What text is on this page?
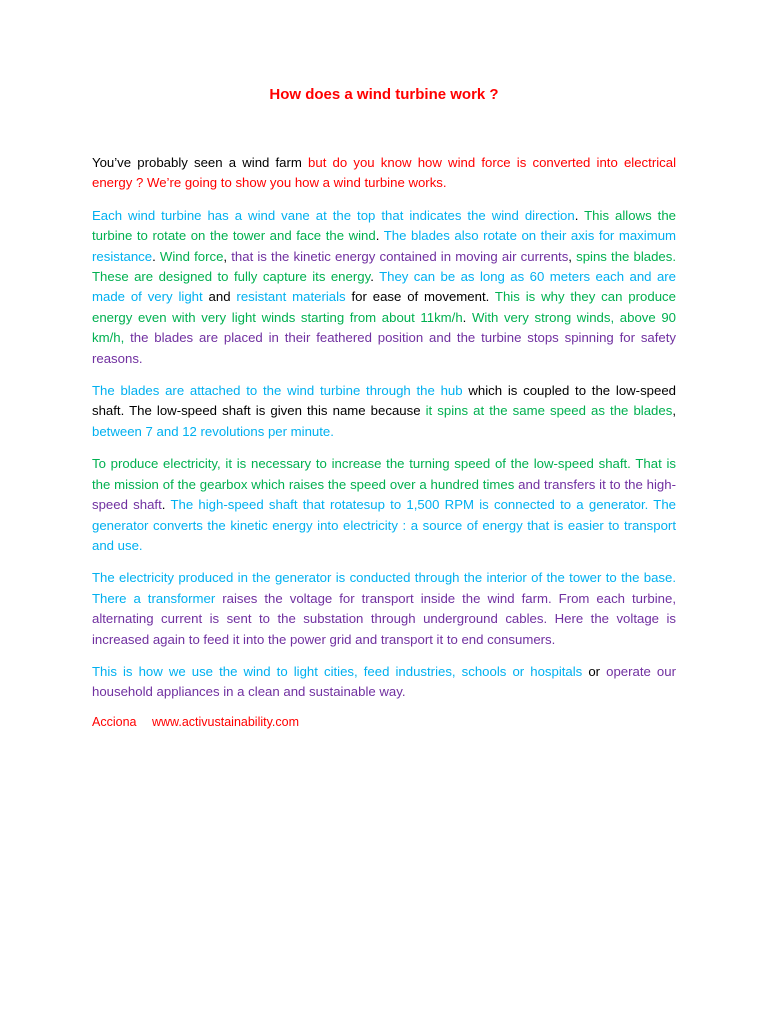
How does a wind turbine work ?

You’ve probably seen a wind farm but do you know how wind force is converted into electrical energy ? We’re going to show you how a wind turbine works.

Each wind turbine has a wind vane at the top that indicates the wind direction. This allows the turbine to rotate on the tower and face the wind. The blades also rotate on their axis for maximum resistance. Wind force, that is the kinetic energy contained in moving air currents, spins the blades. These are designed to fully capture its energy. They can be as long as 60 meters each and are made of very light and resistant materials for ease of movement. This is why they can produce energy even with very light winds starting from about 11km/h. With very strong winds, above 90 km/h, the blades are placed in their feathered position and the turbine stops spinning for safety reasons.

The blades are attached to the wind turbine through the hub which is coupled to the low-speed shaft. The low-speed shaft is given this name because it spins at the same speed as the blades, between 7 and 12 revolutions per minute.

To produce electricity, it is necessary to increase the turning speed of the low-speed shaft. That is the mission of the gearbox which raises the speed over a hundred times and transfers it to the high-speed shaft. The high-speed shaft that rotatesup to 1,500 RPM is connected to a generator. The generator converts the kinetic energy into electricity : a source of energy that is easier to transport and use.

The electricity produced in the generator is conducted through the interior of the tower to the base. There a transformer raises the voltage for transport inside the wind farm. From each turbine, alternating current is sent to the substation through underground cables. Here the voltage is increased again to feed it into the power grid and transport it to end consumers.

This is how we use the wind to light cities, feed industries, schools or hospitals or operate our household appliances in a clean and sustainable way.

Acciona www.activustainability.com
